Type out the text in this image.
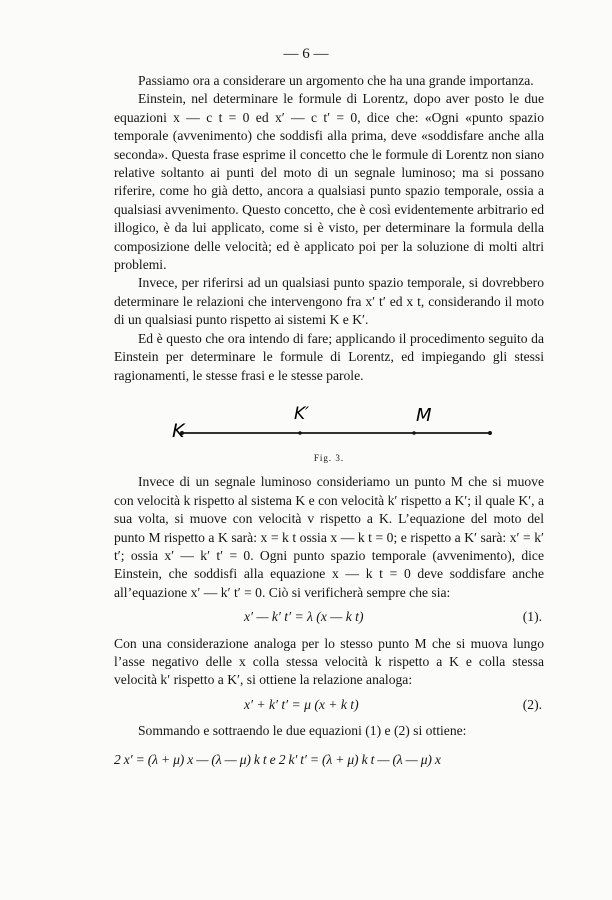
— 6 —

Passiamo ora a considerare un argomento che ha una grande importanza.

Einstein, nel determinare le formule di Lorentz, dopo aver posto le due equazioni x — c t = 0 ed x′ — c t′ = 0, dice che: «Ogni «punto spazio temporale (avvenimento) che soddisfi alla prima, deve «soddisfare anche alla seconda». Questa frase esprime il concetto che le formule di Lorentz non siano relative soltanto ai punti del moto di un segnale luminoso; ma si possano riferire, come ho già detto, ancora a qualsiasi punto spazio temporale, ossia a qualsiasi avvenimento. Questo concetto, che è così evidentemente arbitrario ed illogico, è da lui applicato, come si è visto, per determinare la formula della composizione delle velocità; ed è applicato poi per la soluzione di molti altri problemi.

Invece, per riferirsi ad un qualsiasi punto spazio temporale, si dovrebbero determinare le relazioni che intervengono fra x′ t′ ed x t, considerando il moto di un qualsiasi punto rispetto ai sistemi K e K′.

Ed è questo che ora intendo di fare; applicando il procedimento seguito da Einstein per determinare le formule di Lorentz, ed impiegando gli stessi ragionamenti, le stesse frasi e le stesse parole.

K
K′	M
Fig. 3.

Invece di un segnale luminoso consideriamo un punto M che si muove con velocità k rispetto al sistema K e con velocità k′ rispetto a K′; il quale K′, a sua volta, si muove con velocità v rispetto a K. L’equazione del moto del punto M rispetto a K sarà: x = k t ossia x — k t = 0; e rispetto a K′ sarà: x′ = k′ t′; ossia x′ — k′ t′ = 0. Ogni punto spazio temporale (avvenimento), dice Einstein, che soddisfi alla equazione x — k t = 0 deve soddisfare anche all’equazione x′ — k′ t′ = 0. Ciò si verificherà sempre che sia:

x′ — k′ t′ = λ (x — k t)	(1).

Con una considerazione analoga per lo stesso punto M che si muova lungo l’asse negativo delle x colla stessa velocità k rispetto a K e colla stessa velocità k′ rispetto a K′, si ottiene la relazione analoga:

x′ + k′ t′ = μ (x + k t)	(2).

Sommando e sottraendo le due equazioni (1) e (2) si ottiene:

2 x′ = (λ + μ) x — (λ — μ) k t e 2 k′ t′ = (λ + μ) k t — (λ — μ) x
